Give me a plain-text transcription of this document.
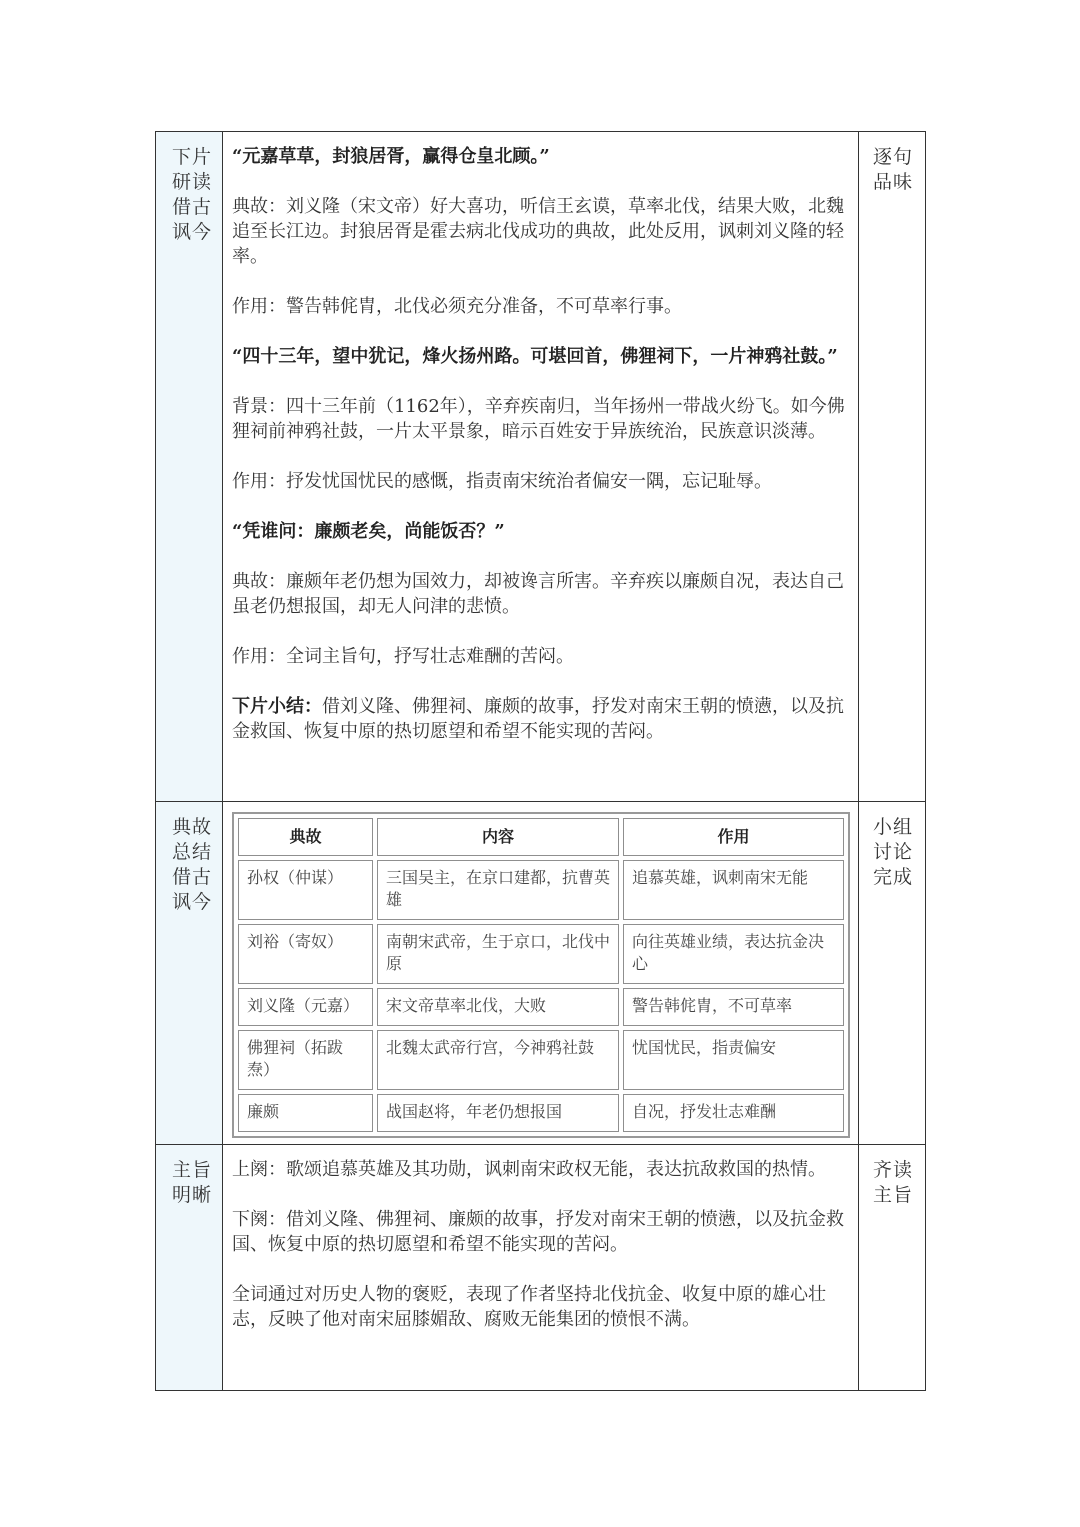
下片
研读
借古
讽今

“元嘉草草，封狼居胥，赢得仓皇北顾。”

典故：刘义隆（宋文帝）好大喜功，听信王玄谟，草率北伐，结果大败，北魏追至长江边。封狼居胥是霍去病北伐成功的典故，此处反用，讽刺刘义隆的轻率。

作用：警告韩侂胄，北伐必须充分准备，不可草率行事。

“四十三年，望中犹记，烽火扬州路。可堪回首，佛狸祠下，一片神鸦社鼓。”

背景：四十三年前（1162年），辛弃疾南归，当年扬州一带战火纷飞。如今佛狸祠前神鸦社鼓，一片太平景象，暗示百姓安于异族统治，民族意识淡薄。

作用：抒发忧国忧民的感慨，指责南宋统治者偏安一隅，忘记耻辱。

“凭谁问：廉颇老矣，尚能饭否？”

典故：廉颇年老仍想为国效力，却被谗言所害。辛弃疾以廉颇自况，表达自己虽老仍想报国，却无人问津的悲愤。

作用：全词主旨句，抒写壮志难酬的苦闷。

下片小结：借刘义隆、佛狸祠、廉颇的故事，抒发对南宋王朝的愤懑，以及抗金救国、恢复中原的热切愿望和希望不能实现的苦闷。

逐句
品味

典故
总结
借古
讽今

典故	内容	作用
孙权（仲谋）	三国吴主，在京口建都，抗曹英雄	追慕英雄，讽刺南宋无能
刘裕（寄奴）	南朝宋武帝，生于京口，北伐中原	向往英雄业绩，表达抗金决心
刘义隆（元嘉）	宋文帝草率北伐，大败	警告韩侂胄，不可草率
佛狸祠（拓跋焘）	北魏太武帝行宫，今神鸦社鼓	忧国忧民，指责偏安
廉颇	战国赵将，年老仍想报国	自况，抒发壮志难酬

小组
讨论
完成

主旨
明晰

上阕：歌颂追慕英雄及其功勋，讽刺南宋政权无能，表达抗敌救国的热情。

下阕：借刘义隆、佛狸祠、廉颇的故事，抒发对南宋王朝的愤懑，以及抗金救国、恢复中原的热切愿望和希望不能实现的苦闷。

全词通过对历史人物的褒贬，表现了作者坚持北伐抗金、收复中原的雄心壮志，反映了他对南宋屈膝媚敌、腐败无能集团的愤恨不满。

齐读
主旨
